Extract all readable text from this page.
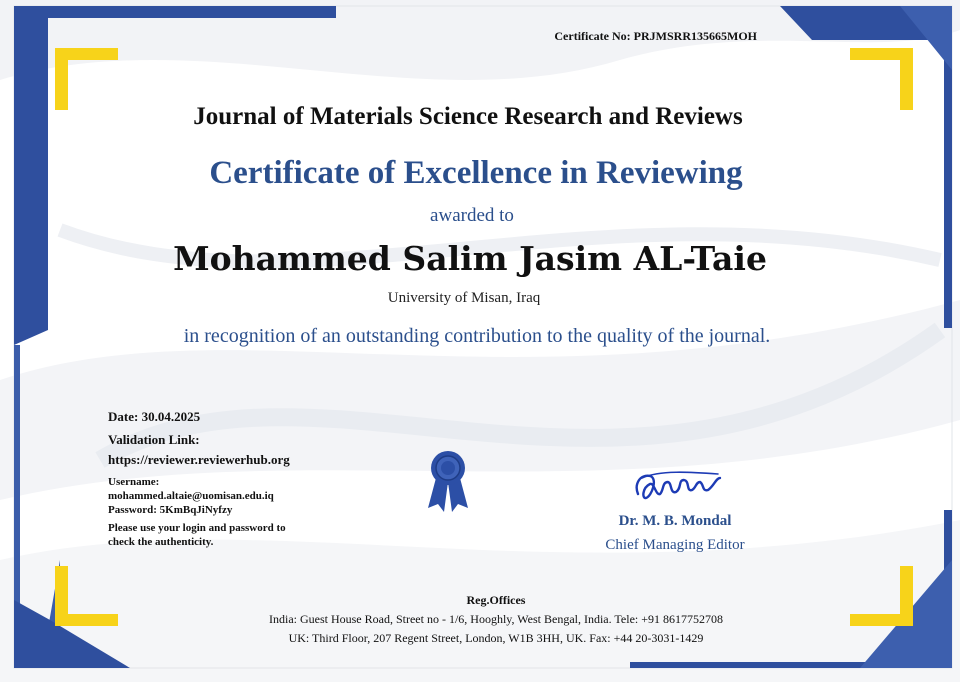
Certificate No: PRJMSRR135665MOH
Journal of Materials Science Research and Reviews
Certificate of Excellence in Reviewing
awarded to
Mohammed Salim Jasim AL-Taie
University of Misan, Iraq
in recognition of an outstanding contribution to the quality of the journal.
Date: 30.04.2025
Validation Link:
https://reviewer.reviewerhub.org
Username:
mohammed.altaie@uomisan.edu.iq
Password: 5KmBqJiNyfzy
Please use your login and password to
check the authenticity.
Dr. M. B. Mondal
Chief Managing Editor
Reg.Offices
India: Guest House Road, Street no - 1/6, Hooghly, West Bengal, India. Tele: +91 8617752708
UK: Third Floor, 207 Regent Street, London, W1B 3HH, UK. Fax: +44 20-3031-1429
